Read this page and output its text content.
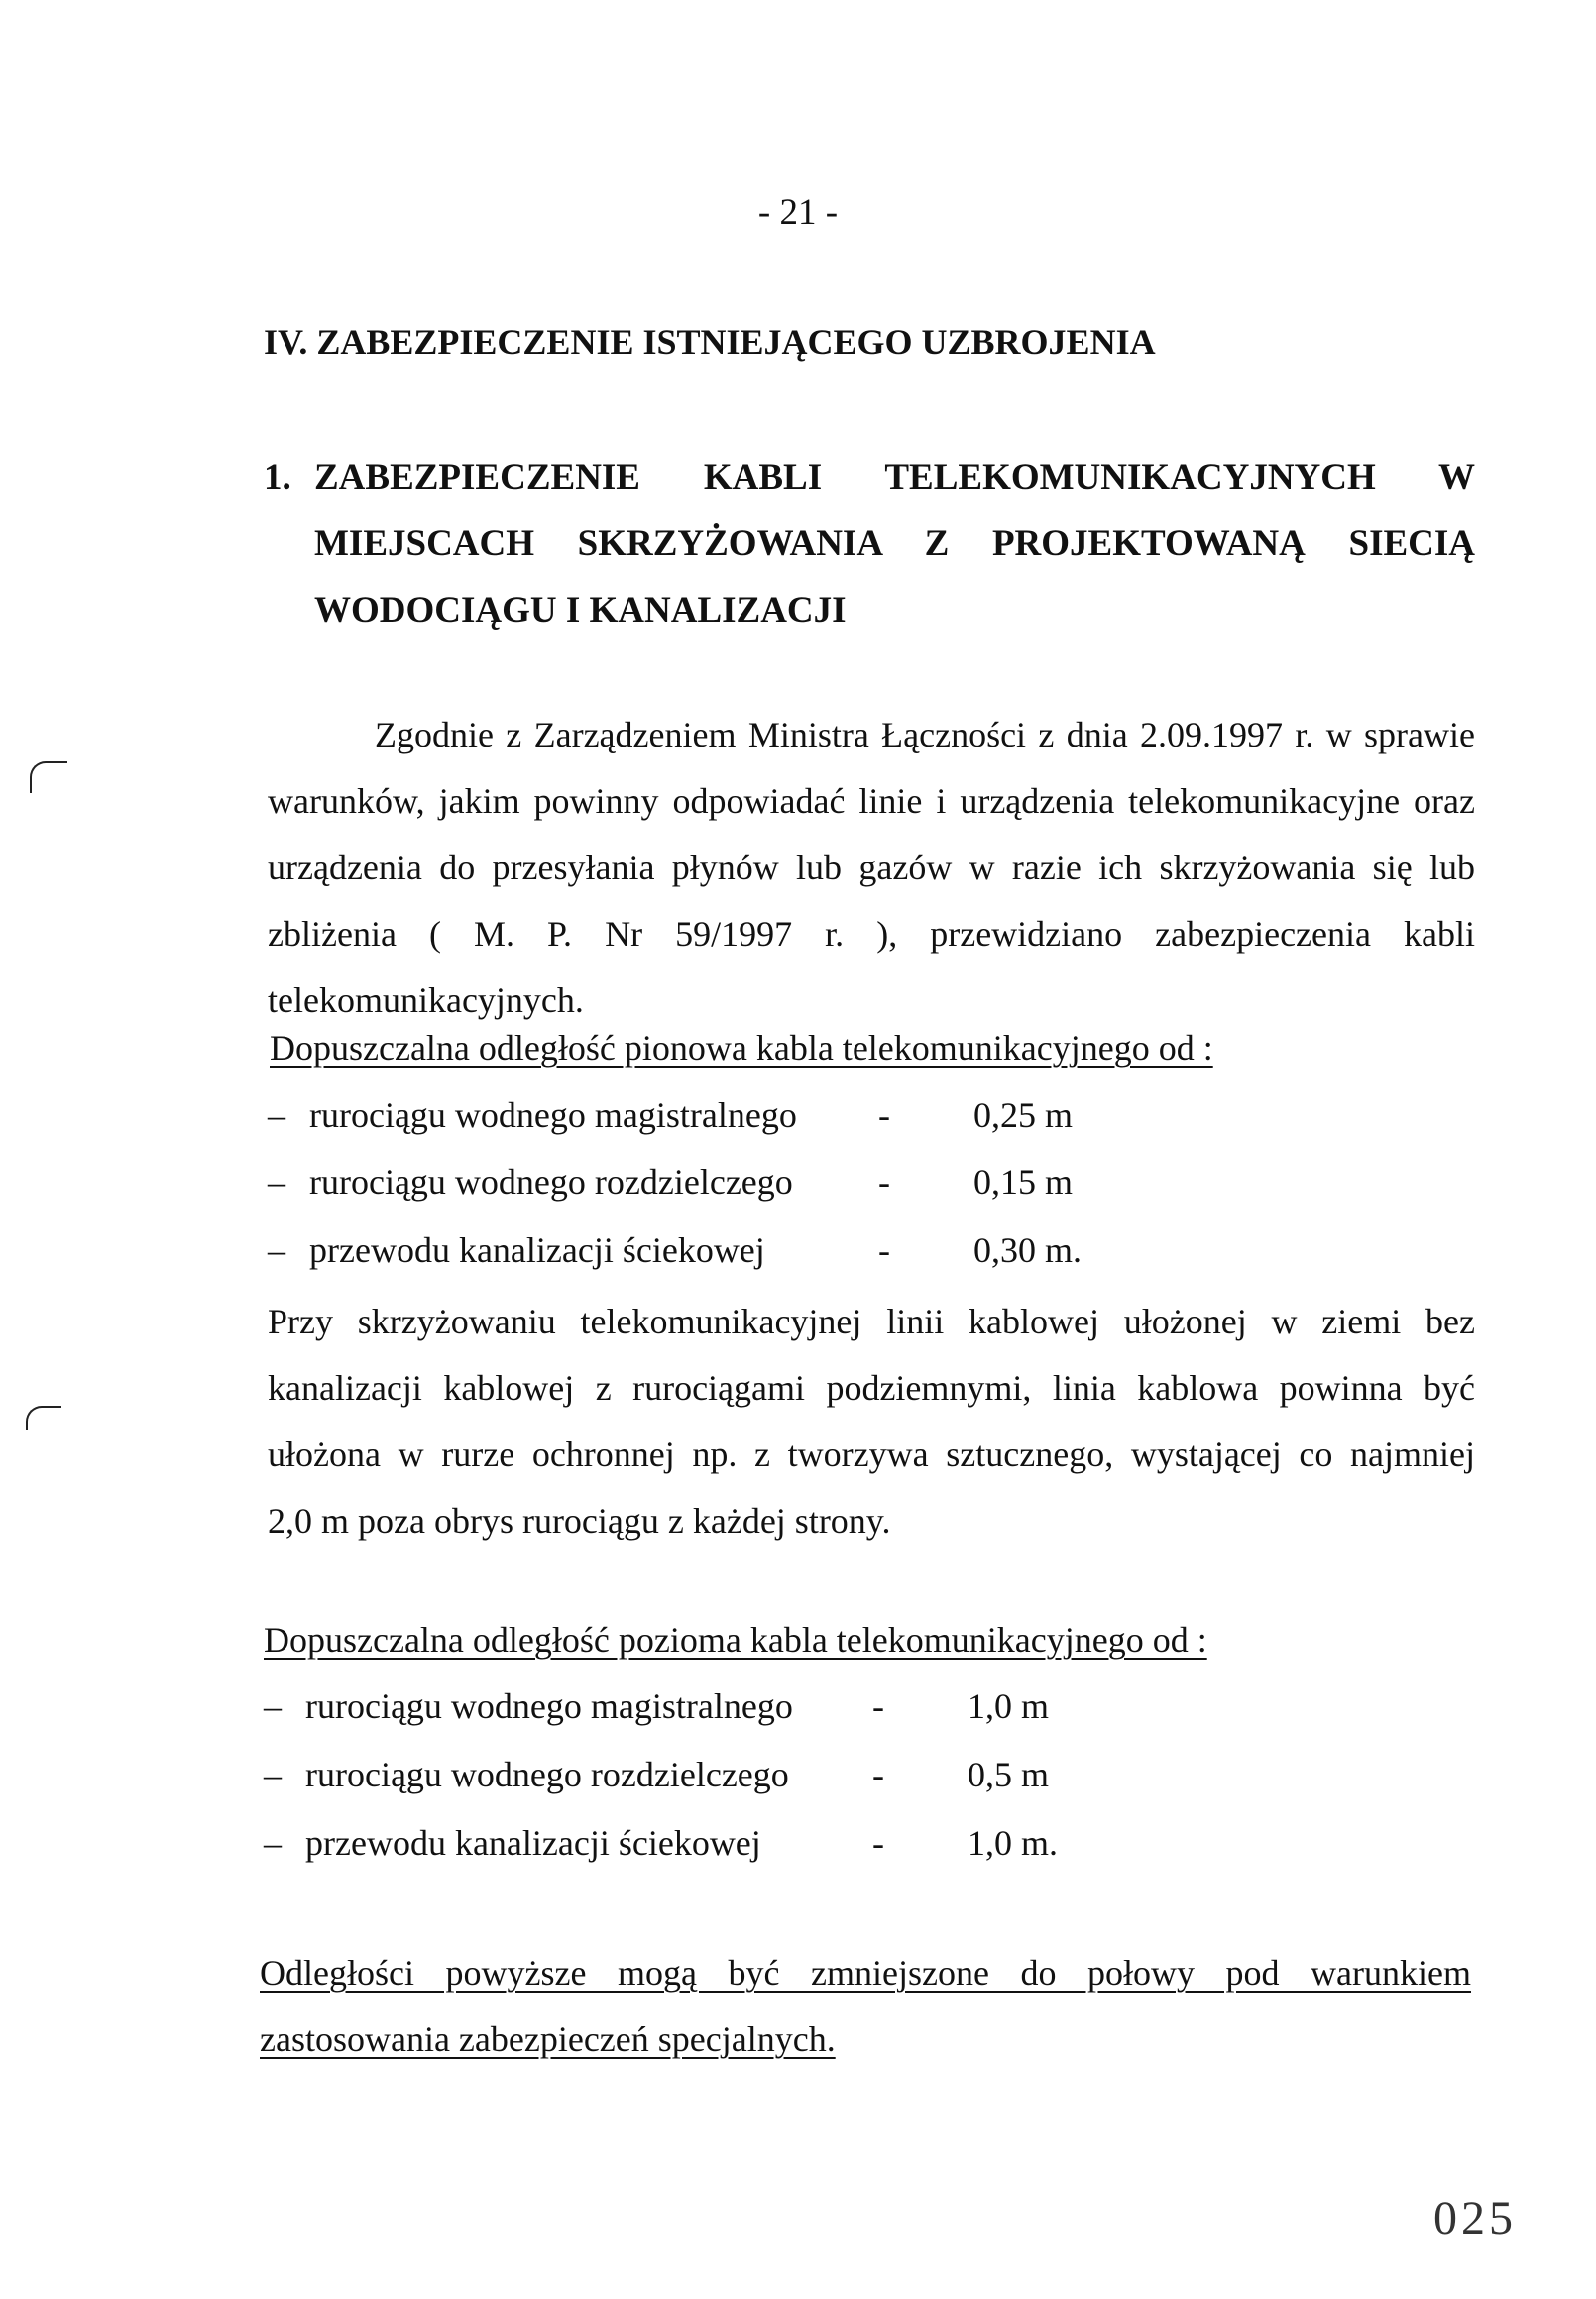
- 21 -
IV. ZABEZPIECZENIE ISTNIEJĄCEGO UZBROJENIA
1. ZABEZPIECZENIE KABLI TELEKOMUNIKACYJNYCH W
MIEJSCACH SKRZYŻOWANIA Z PROJEKTOWANĄ SIECIĄ
WODOCIĄGU I KANALIZACJI
Zgodnie z Zarządzeniem Ministra Łączności z dnia 2.09.1997 r. w sprawie
warunków, jakim powinny odpowiadać linie i urządzenia telekomunikacyjne oraz
urządzenia do przesyłania płynów lub gazów w razie ich skrzyżowania się lub
zbliżenia ( M. P. Nr 59/1997 r. ), przewidziano zabezpieczenia kabli
telekomunikacyjnych.
Dopuszczalna odległość pionowa kabla telekomunikacyjnego od :
– rurociągu wodnego magistralnego - 0,25 m
– rurociągu wodnego rozdzielczego - 0,15 m
– przewodu kanalizacji ściekowej	- 0,30 m.
Przy skrzyżowaniu telekomunikacyjnej linii kablowej ułożonej w ziemi bez
kanalizacji kablowej z rurociągami podziemnymi, linia kablowa powinna być
ułożona w rurze ochronnej np. z tworzywa sztucznego, wystającej co najmniej
2,0 m poza obrys rurociągu z każdej strony.
Dopuszczalna odległość pozioma kabla telekomunikacyjnego od :
– rurociągu wodnego magistralnego - 1,0 m
– rurociągu wodnego rozdzielczego - 0,5 m
– przewodu kanalizacji ściekowej	- 1,0 m.
Odległości powyższe mogą być zmniejszone do połowy pod warunkiem
zastosowania zabezpieczeń specjalnych.
025
